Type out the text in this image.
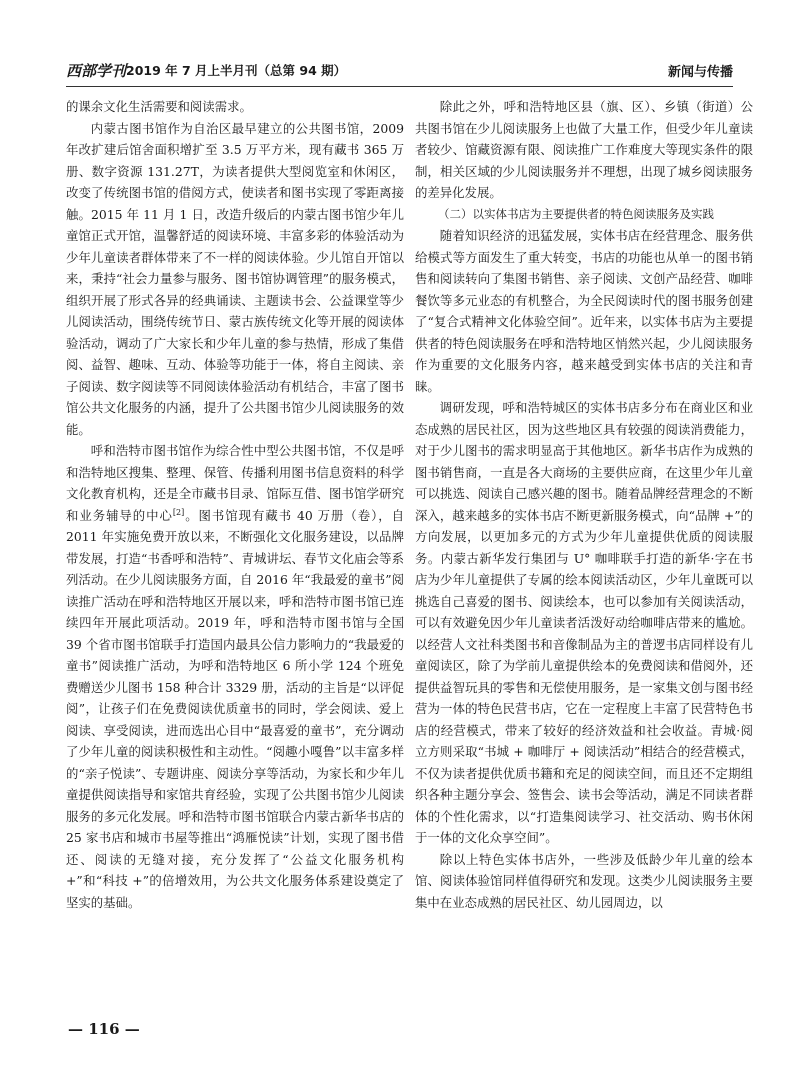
西部学刊 2019 年 7 月上半月刊（总第 94 期）	新闻与传播

的课余文化生活需要和阅读需求。

内蒙古图书馆作为自治区最早建立的公共图书馆，2009 年改扩建后馆舍面积增扩至 3.5 万平方米，现有藏书 365 万册、数字资源 131.27T，为读者提供大型阅览室和休闲区，改变了传统图书馆的借阅方式，使读者和图书实现了零距离接触。2015 年 11 月 1 日，改造升级后的内蒙古图书馆少年儿童馆正式开馆，温馨舒适的阅读环境、丰富多彩的体验活动为少年儿童读者群体带来了不一样的阅读体验。少儿馆自开馆以来，秉持“社会力量参与服务、图书馆协调管理”的服务模式，组织开展了形式各异的经典诵读、主题读书会、公益课堂等少儿阅读活动，围绕传统节日、蒙古族传统文化等开展的阅读体验活动，调动了广大家长和少年儿童的参与热情，形成了集借阅、益智、趣味、互动、体验等功能于一体，将自主阅读、亲子阅读、数字阅读等不同阅读体验活动有机结合，丰富了图书馆公共文化服务的内涵，提升了公共图书馆少儿阅读服务的效能。

呼和浩特市图书馆作为综合性中型公共图书馆，不仅是呼和浩特地区搜集、整理、保管、传播利用图书信息资料的科学文化教育机构，还是全市藏书目录、馆际互借、图书馆学研究和业务辅导的中心[2]。图书馆现有藏书 40 万册（卷），自 2011 年实施免费开放以来，不断强化文化服务建设，以品牌带发展，打造“书香呼和浩特”、青城讲坛、春节文化庙会等系列活动。在少儿阅读服务方面，自 2016 年“我最爱的童书”阅读推广活动在呼和浩特地区开展以来，呼和浩特市图书馆已连续四年开展此项活动。2019 年，呼和浩特市图书馆与全国 39 个省市图书馆联手打造国内最具公信力影响力的“我最爱的童书”阅读推广活动，为呼和浩特地区 6 所小学 124 个班免费赠送少儿图书 158 种合计 3329 册，活动的主旨是“以评促阅”，让孩子们在免费阅读优质童书的同时，学会阅读、爱上阅读、享受阅读，进而选出心目中“最喜爱的童书”，充分调动了少年儿童的阅读积极性和主动性。“阅趣小嘎鲁”以丰富多样的“亲子悦读”、专题讲座、阅读分享等活动，为家长和少年儿童提供阅读指导和家馆共育经验，实现了公共图书馆少儿阅读服务的多元化发展。呼和浩特市图书馆联合内蒙古新华书店的 25 家书店和城市书屋等推出“鸿雁悦读”计划，实现了图书借还、阅读的无缝对接，充分发挥了“公益文化服务机构 +”和“科技 +”的倍增效用，为公共文化服务体系建设奠定了坚实的基础。

除此之外，呼和浩特地区县（旗、区）、乡镇（街道）公共图书馆在少儿阅读服务上也做了大量工作，但受少年儿童读者较少、馆藏资源有限、阅读推广工作难度大等现实条件的限制，相关区域的少儿阅读服务并不理想，出现了城乡阅读服务的差异化发展。

（二）以实体书店为主要提供者的特色阅读服务及实践

随着知识经济的迅猛发展，实体书店在经营理念、服务供给模式等方面发生了重大转变，书店的功能也从单一的图书销售和阅读转向了集图书销售、亲子阅读、文创产品经营、咖啡餐饮等多元业态的有机整合，为全民阅读时代的图书服务创建了“复合式精神文化体验空间”。近年来，以实体书店为主要提供者的特色阅读服务在呼和浩特地区悄然兴起，少儿阅读服务作为重要的文化服务内容，越来越受到实体书店的关注和青睐。

调研发现，呼和浩特城区的实体书店多分布在商业区和业态成熟的居民社区，因为这些地区具有较强的阅读消费能力，对于少儿图书的需求明显高于其他地区。新华书店作为成熟的图书销售商，一直是各大商场的主要供应商，在这里少年儿童可以挑选、阅读自己感兴趣的图书。随着品牌经营理念的不断深入，越来越多的实体书店不断更新服务模式，向“品牌 +”的方向发展，以更加多元的方式为少年儿童提供优质的阅读服务。内蒙古新华发行集团与 U° 咖啡联手打造的新华·字在书店为少年儿童提供了专属的绘本阅读活动区，少年儿童既可以挑选自己喜爱的图书、阅读绘本，也可以参加有关阅读活动，可以有效避免因少年儿童读者活泼好动给咖啡店带来的尴尬。以经营人文社科类图书和音像制品为主的普逻书店同样设有儿童阅读区，除了为学前儿童提供绘本的免费阅读和借阅外，还提供益智玩具的零售和无偿使用服务，是一家集文创与图书经营为一体的特色民营书店，它在一定程度上丰富了民营特色书店的经营模式，带来了较好的经济效益和社会收益。青城·阅立方则采取“书城 + 咖啡厅 + 阅读活动”相结合的经营模式，不仅为读者提供优质书籍和充足的阅读空间，而且还不定期组织各种主题分享会、签售会、读书会等活动，满足不同读者群体的个性化需求，以“打造集阅读学习、社交活动、购书休闲于一体的文化众享空间”。

除以上特色实体书店外，一些涉及低龄少年儿童的绘本馆、阅读体验馆同样值得研究和发现。这类少儿阅读服务主要集中在业态成熟的居民社区、幼儿园周边，以

— 116 —
